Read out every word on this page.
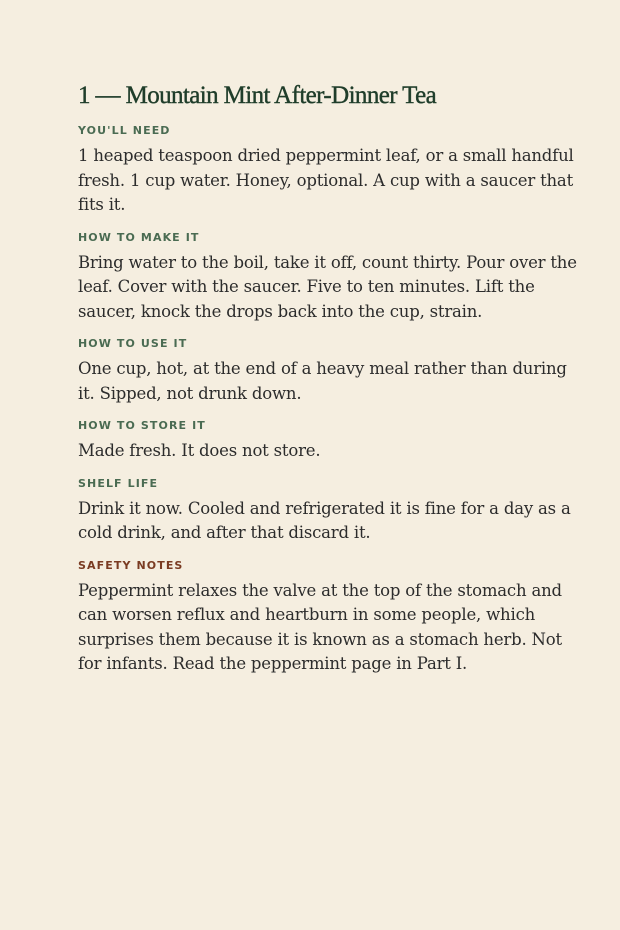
1 — Mountain Mint After-Dinner Tea
YOU'LL NEED

1 heaped teaspoon dried peppermint leaf, or a small handful fresh. 1 cup water. Honey, optional. A cup with a saucer that fits it.

HOW TO MAKE IT

Bring water to the boil, take it off, count thirty. Pour over the leaf. Cover with the saucer. Five to ten minutes. Lift the saucer, knock the drops back into the cup, strain.

HOW TO USE IT

One cup, hot, at the end of a heavy meal rather than during it. Sipped, not drunk down.

HOW TO STORE IT

Made fresh. It does not store.

SHELF LIFE

Drink it now. Cooled and refrigerated it is fine for a day as a cold drink, and after that discard it.

SAFETY NOTES

Peppermint relaxes the valve at the top of the stomach and can worsen reflux and heartburn in some people, which surprises them because it is known as a stomach herb. Not for infants. Read the peppermint page in Part I.
